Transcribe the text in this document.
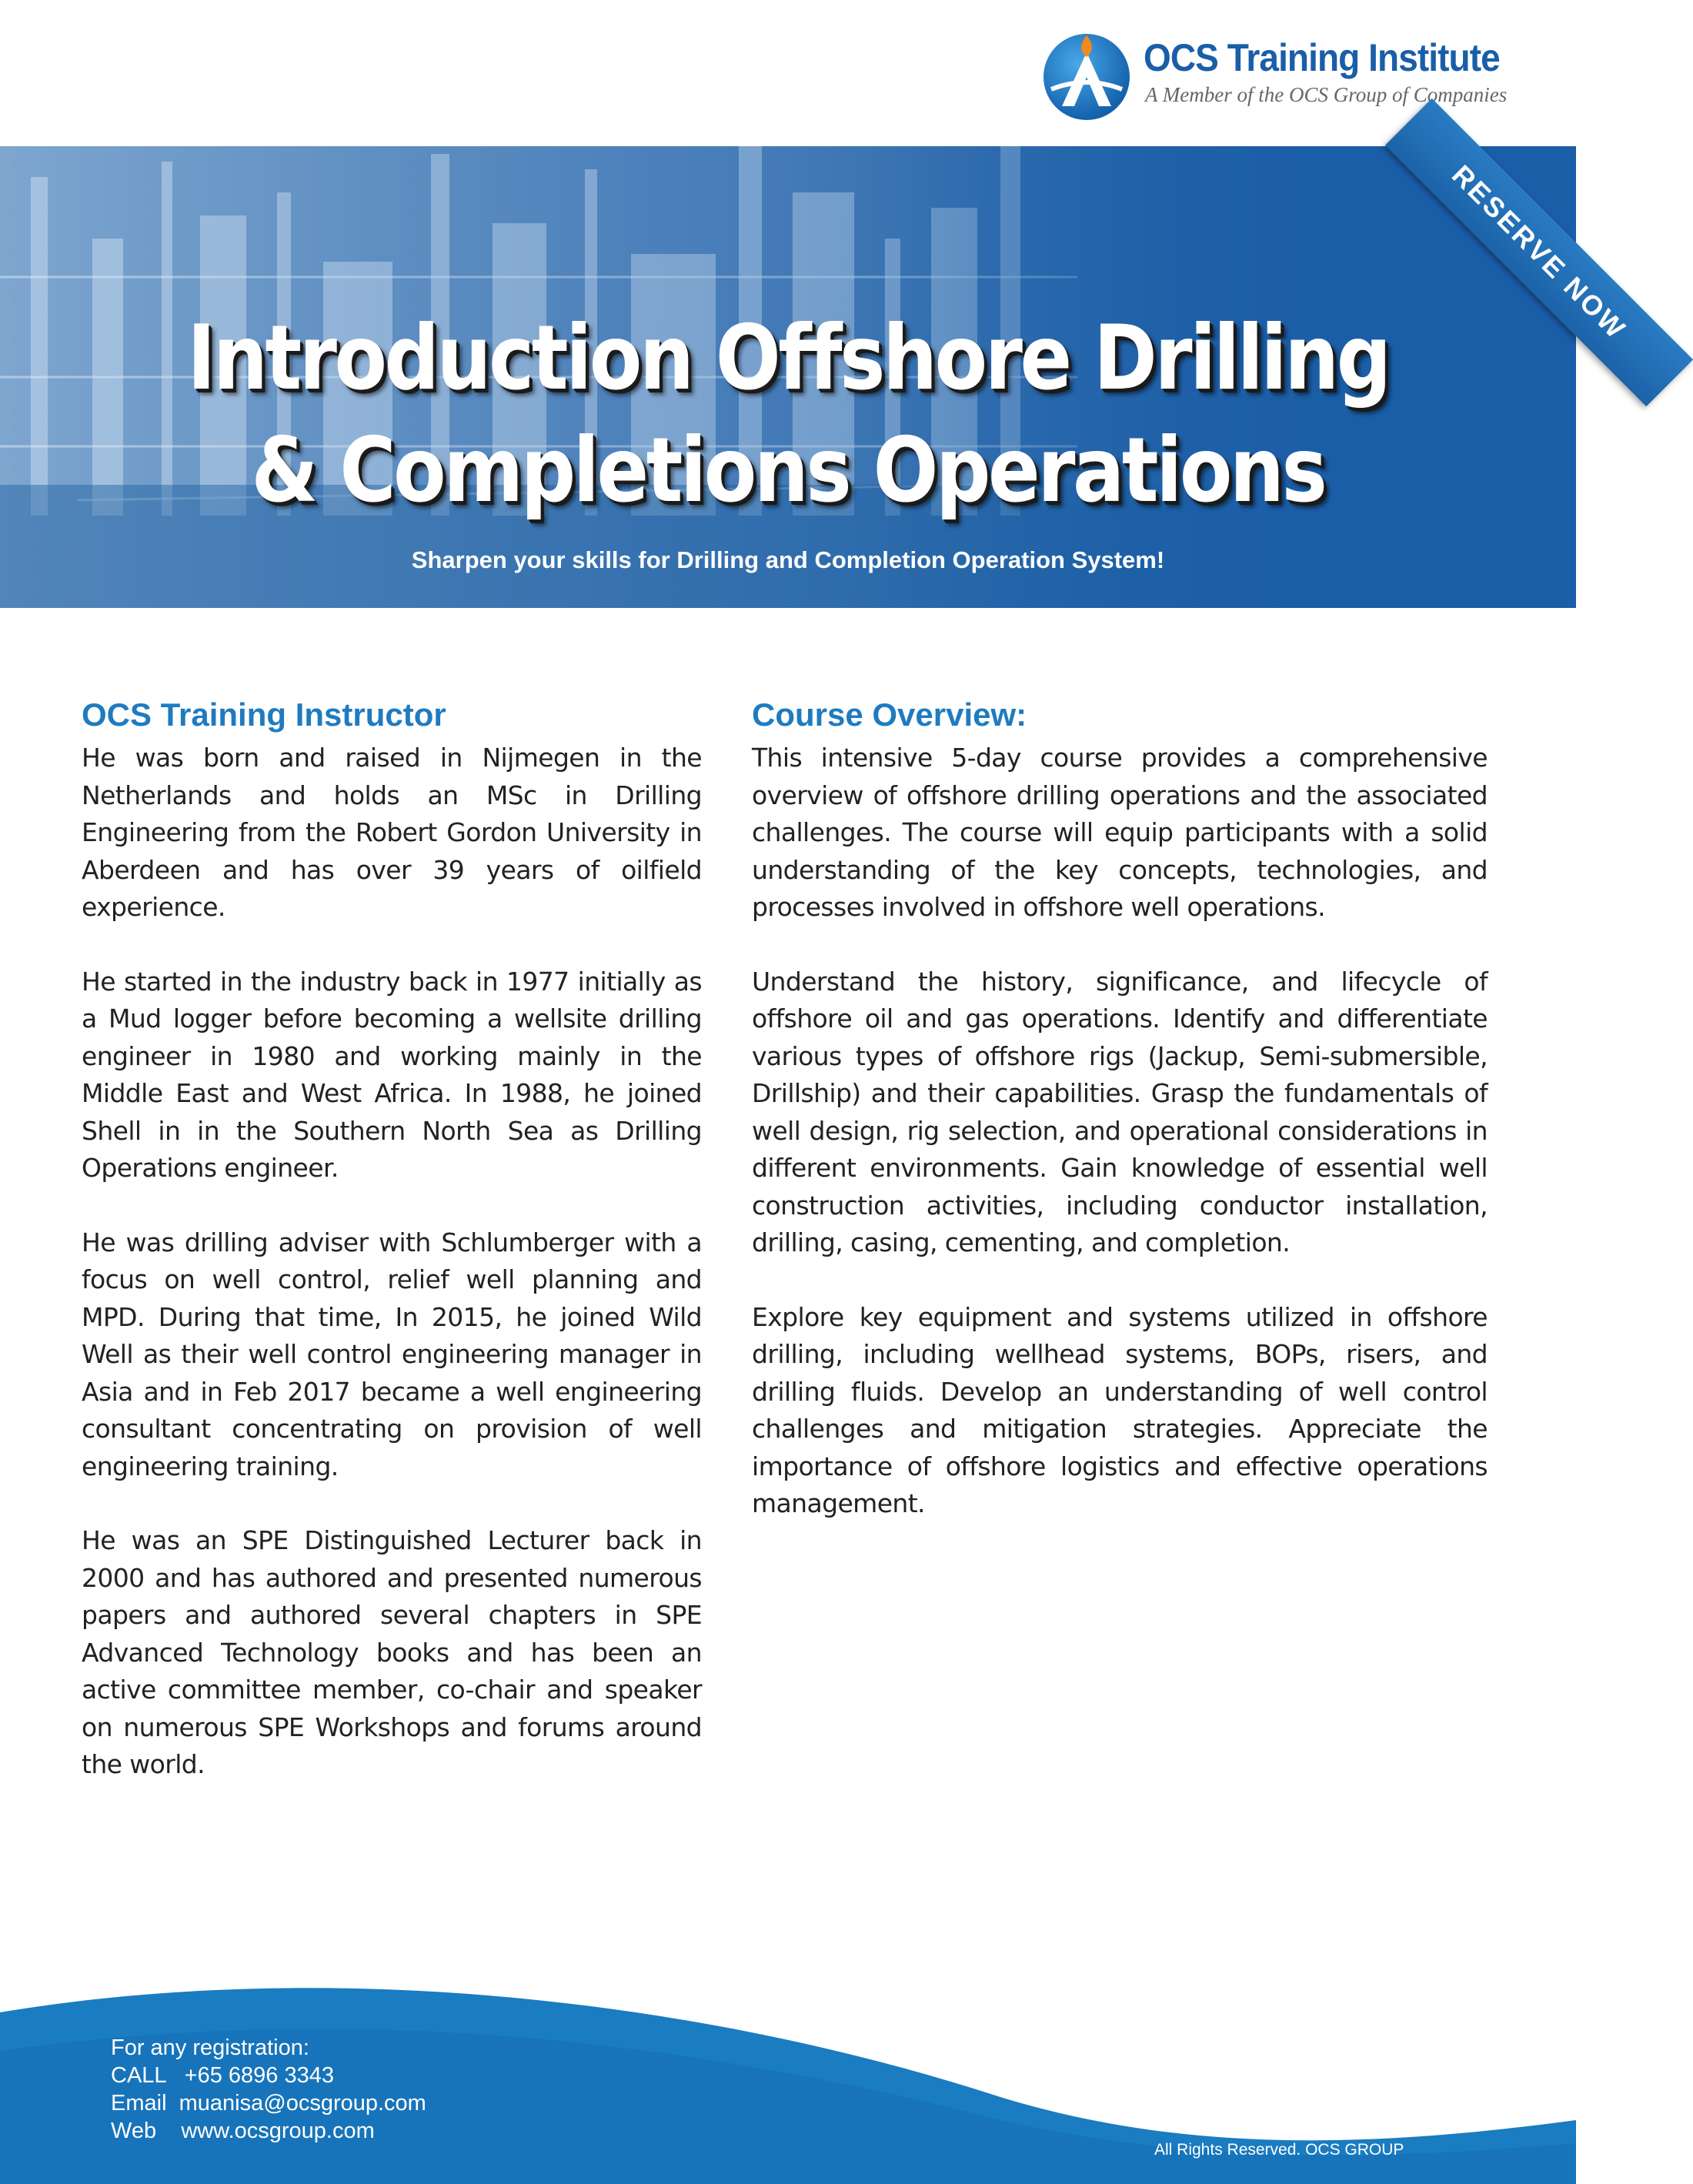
OCS Training Institute

A Member of the OCS Group of Companies

Introduction Offshore Drilling

& Completions Operations

Sharpen your skills for Drilling and Completion Operation System!

RESERVE NOW
OCS Training Instructor

He was born and raised in Nijmegen in the Netherlands and holds an MSc in Drilling Engineering from the Robert Gordon University in Aberdeen and has over 39 years of oilfield experience.

He started in the industry back in 1977 initially as a Mud logger before becoming a wellsite drilling engineer in 1980 and working mainly in the Middle East and West Africa. In 1988, he joined Shell in in the Southern North Sea as Drilling Operations engineer.

He was drilling adviser with Schlumberger with a focus on well control, relief well planning and MPD. During that time, In 2015, he joined Wild Well as their well control engineering manager in Asia and in Feb 2017 became a well engineering consultant concentrating on provision of well engineering training.

He was an SPE Distinguished Lecturer back in 2000 and has authored and presented numerous papers and authored several chapters in SPE Advanced Technology books and has been an active committee member, co-chair and speaker on numerous SPE Workshops and forums around the world.

Course Overview:

This intensive 5-day course provides a comprehensive overview of offshore drilling operations and the associated challenges. The course will equip participants with a solid understanding of the key concepts, technologies, and processes involved in offshore well operations.

Understand the history, significance, and lifecycle of offshore oil and gas operations. Identify and differentiate various types of offshore rigs (Jackup, Semi-submersible, Drillship) and their capabilities. Grasp the fundamentals of well design, rig selection, and operational considerations in different environments. Gain knowledge of essential well construction activities, including conductor installation, drilling, casing, cementing, and completion.

Explore key equipment and systems utilized in offshore drilling, including wellhead systems, BOPs, risers, and drilling fluids. Develop an understanding of well control challenges and mitigation strategies. Appreciate the importance of offshore logistics and effective operations management.

For any registration:
CALL +65 6896 3343
Email muanisa@ocsgroup.com
Web www.ocsgroup.com

All Rights Reserved. OCS GROUP
